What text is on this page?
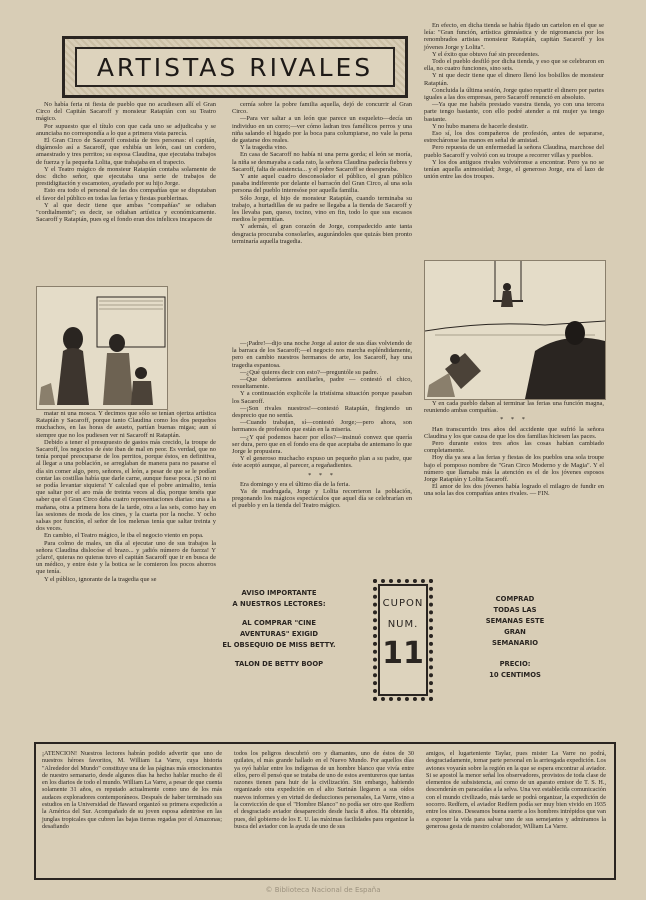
ARTISTAS RIVALES

No había feria ni fiesta de pueblo que no acudiesen allí el Gran Circo del Capitán Sacaroff y monsieur Ratapián con su Teatro mágico.

Por supuesto que el título con que cada uno se adjudicaba y se anunciaba no correspondía a lo que a primera vista parecía.

El Gran Circo de Sacaroff consistía de tres personas: el capitán, digámoslo así a Sacaroff, que exhibía un león, casi un cordero, amaestrado y tres perritos; su esposa Claudina, que ejecutaba trabajos de fuerza y la pequeña Lolita, que trabajaba en el trapecio.

Y el Teatro mágico de monsieur Ratapián contaba solamente de dos: dicho señor, que ejecutaba una serie de trabajos de prestidigitación y escamoteo, ayudado por su hijo Jorge.

Esto era todo el personal de las dos compañías que se disputaban el favor del público en todas las ferias y fiestas pueblerinas.

Y al que decir tiene que ambas "compañías" se odiaban "cordialmente"; es decir, se odiaban artística y económicamente. Sacaroff y Ratapián, pues eg el fondo eran dos infelices incapaces de

matar ni una mosca. Y decimos que sólo se tenían ojeriza artística Ratapián y Sacaroff, porque tanto Claudina como los dos pequeños muchachos, en las horas de asueto, partían buenas migas; aun sí siempre que no los pudiesen ver ni Sacaroff ni Ratapián.

Debido a tener el presupuesto de gastos más crecido, la troupe de Sacaroff, los negocios de éste iban de mal en peor. Es verdad, que no tenía porqué preocuparse de los perritos, porque éstos, en definitiva, al llegar a una población, se arreglaban de manera para no pasarse el día sin comer algo, pero, señores, el león, a pesar de que se le podían contar las costillas había que darle carne, aunque fuese poca. ¡Si no ni se podía levantar siquiera! Y calculad que el pobre animalito, tenía que saltar por el aro más de treinta veces al día, porque tenéis que saber que el Gran Circo daba cuatro representaciones diarias: una a la mañana, otra a primera hora de la tarde, otra a las seis, como hay en las sesiones de moda de los cines, y la cuarta por la noche. Y ocho salsas por función, el señor de los melenas tenía que saltar treinta y dos veces.

En cambio, el Teatro mágico, le iba el negocio viento en popa.

Para colmo de males, un día al ejecutar uno de sus trabajos la señora Claudina dislocóse el brazo... y ¡adiós número de fuerza! Y ¡claro!, quieras no quieras tuvo el capitán Sacaroff que ir en busca de un médico, y entre éste y la botica se le comieron los pocos ahorros que tenía.

Y el público, ignorante de la tragedia que se

cernía sobre la pobre familia aquella, dejó de concurrir al Gran Circo.

—Para ver saltar a un león que parece un esqueleto—decía un individuo en un corro;—ver cómo ladran tres famélicos perros y una niña salando el higado por la boca para columpiarse, no vale la pena de gastarse dos reales.

Y la tragedia vino.

En casa de Sacaroff no había ni una perra gorda; el león se moría, la niña se desmayaba a cada rato, la señora Claudina padecía fiebres y Sacaroff, falta de asistencia... y el pobre Sacaroff se desesperaba.

Y ante aquel cuadro desconsolador el público, el gran público pasaba indiferente por delante el barracón del Gran Circo, al una sola persona del pueblo interesóse por aquella familia.

Sólo Jorge, el hijo de monsieur Ratapián, cuando terminaba su trabajo, a hurtadillas de su padre se llegaba a la tienda de Sacaroff y les llevaba pan, queso, tocino, vino en fin, todo lo que sus escasos medios le permitían.

Y además, el gran corazón de Jorge, compadecido ante tanta desgracia procuraba consolarles, augurándoles que quizás bien pronto terminaría aquella tragedia.

—¡Padre!—dijo una noche Jorge al autor de sus días volviendo de la barraca de los Sacaroff;—el negocio nos marcha espléndidamente, pero en cambio nuestros hermanos de arte, los Sacaroff, hay una tragedia espantosa.

—¿Qué quieres decir con esto?—preguntóle su padre.

—Que deberíamos auxiliarles, padre — contestó el chico, resueltamente.

Y a continuación explicóle la tristísima situación porque pasaban los Sacaroff.

—¡Son rivales nuestros!—contestó Ratapián, fingiendo un desprecio que no sentía.

—Cuando trabajan, sí—contestó Jorge;—pero ahora, son hermanos de profesión que están en la miseria.

—¿Y qué podemos hacer por ellos?—insinuó convez que quería ser dura, pero que en el fondo era de que aceptaba de antemano lo que Jorge le propusiera.

Y el generoso muchacho expuso un pequeño plan a su padre, que éste aceptó aunque, al parecer, a regañadientes.

* * *

Era domingo y era el último día de la feria.

Ya de madrugada, Jorge y Lolita recorrieron la población, pregonando los mágicos espectáculos que aquel día se celebrarían en el pueblo y en la tienda del Teatro mágico.

En efecto, en dicha tienda se había fijado un cartelon en el que se leía: "Gran función, artística gimnástica y de nigromancia por los renombrados artistas monsieur Ratapián, capitán Sacaroff y los jóvenes Jorge y Lolita".

Y el éxito que obtuvo fué sin precedentes.

Todo el pueblo desfiló por dicha tienda, y eso que se celebraron en ella, no cuatro funciones, sino seis.

Y ni que decir tiene que el dinero llenó los bolsillos de monsieur Ratapián.

Concluida la última sesión, Jorge quiso repartir el dinero por partes iguales a las dos empresas, pero Sacaroff renunció en absoluto.

—Ya que me habéis prestado vuestra tienda, yo con una tercera parte tengo bastante, con ello podré atender a mi mujer ya tengo bastante.

Y no hubo manera de hacerle desistir.

Eso sí, los dos compañeros de profesión, antes de separarse, estrecháronse las manos en señal de amistad.

Pero repuesta de un enfermedad la señora Claudina, marchose del pueblo Sacaroff y volvió con su troupe a recorrer villas y pueblos.

Y los dos antiguos rivales volviéronse a encontrar. Pero ya no se tenían aquella animosidad; Jorge, el generoso Jorge, era el lazo de unión entre las dos troupes.

Y en cada pueblo daban al terminar las ferias una función magna, reuniendo ambas compañías.

* * *

Han transcurrido tres años del accidente que sufrió la señora Claudina y los que causa de que los dos familias hiciesen las paces.

Pero durante estos tres años las cosas habían cambiado completamente.

Hoy día ya sea a las ferias y fiestas de los pueblos una sola troupe bajo el pomposo nombre de "Gran Circo Moderno y de Magia". Y el número que llamaba más la atención es el de los jóvenes esposos Jorge Ratapián y Lolita Sacaroff.

El amor de los dos jóvenes había logrado el milagro de fundir en una sola las dos compañías antes rivales. — FIN.

AVISO IMPORTANTE
A NUESTROS LECTORES:
AL COMPRAR "CINE
AVENTURAS" EXIGID
EL OBSEQUIO DE MISS BETTY.
TALON DE BETTY BOOP
CUPON
NUM.
11
COMPRAD
TODAS LAS
SEMANAS ESTE
GRAN
SEMANARIO
PRECIO:
10 CENTIMOS

¡ATENCION! Nuestros lectores habrán podido advertir que uno de nuestros héroes favoritos, M. William La Varre, cuya historia "Alrededor del Mundo" constituye una de las páginas más emocionantes de nuestro semanario, desde algunos días ha hecho hablar mucho de él en los diarios de todo el mundo. William La Varre, a pesar de que cuenta solamente 31 años, es reputado actualmente como uno de los más audaces exploradores contemporáneos. Después de haber terminado sus estudios en la Universidad de Haward organizó su primera expedición a la América del Sur. Acompañado de su joven esposa adentróse en las junglas tropicales que cubren las bajas tierras regadas por el Amazonas; desafiando

todos los peligros descubrió oro y diamantes, uno de éstos de 30 quilates, el más grande hallado en el Nuevo Mundo. Por aquellos días ya oyó hablar entre los indígenas de un hombre blanco que vivía entre ellos, pero él pensó que se trataba de uno de estos aventureros que tantas razones tienen para huir de la civilización. Sin embargo, habiendo organizado otra expedición en el alto Surinán llegaron a sus oídos nuevos informes y en virtud de deducciones personales, La Varre, vino a la convicción de que el "Hombre Blanco" no podía ser otro que Redfern el desgraciado aviador desaparecido desde hacía 8 años. Ha obtenido, pues, del gobierno de los E. U. las máximas facilidades para organizar la busca del aviador con la ayuda de uno de sus

amigos, el lugarteniente Taylar, pues mister La Varre no podrá, desgraciadamente, tomar parte personal en la arriesgada expedición. Los aviones voyarán sobre la región en la que se espera encontrar al aviador. Si se apostol la menor señal los observadores, provistos de toda clase de elementos de subsistencia, así como de un aparato emisor de T. S. H., descenderán en paracaídas a la selva. Una vez establecida comunicación con el mundo civilizado, más tarde se podrá organizar, la expedición de socorro. Redfern, el aviador Redfern podía ser muy bien vivido en 1935 entre los sinos. Deseamos buena suerte a los hombres intrépidos que van a exponer la vida para salvar uno de sus semejantes y admiramos la generosa gesta de nuestro colaborador, William La Varre.

© Biblioteca Nacional de España
